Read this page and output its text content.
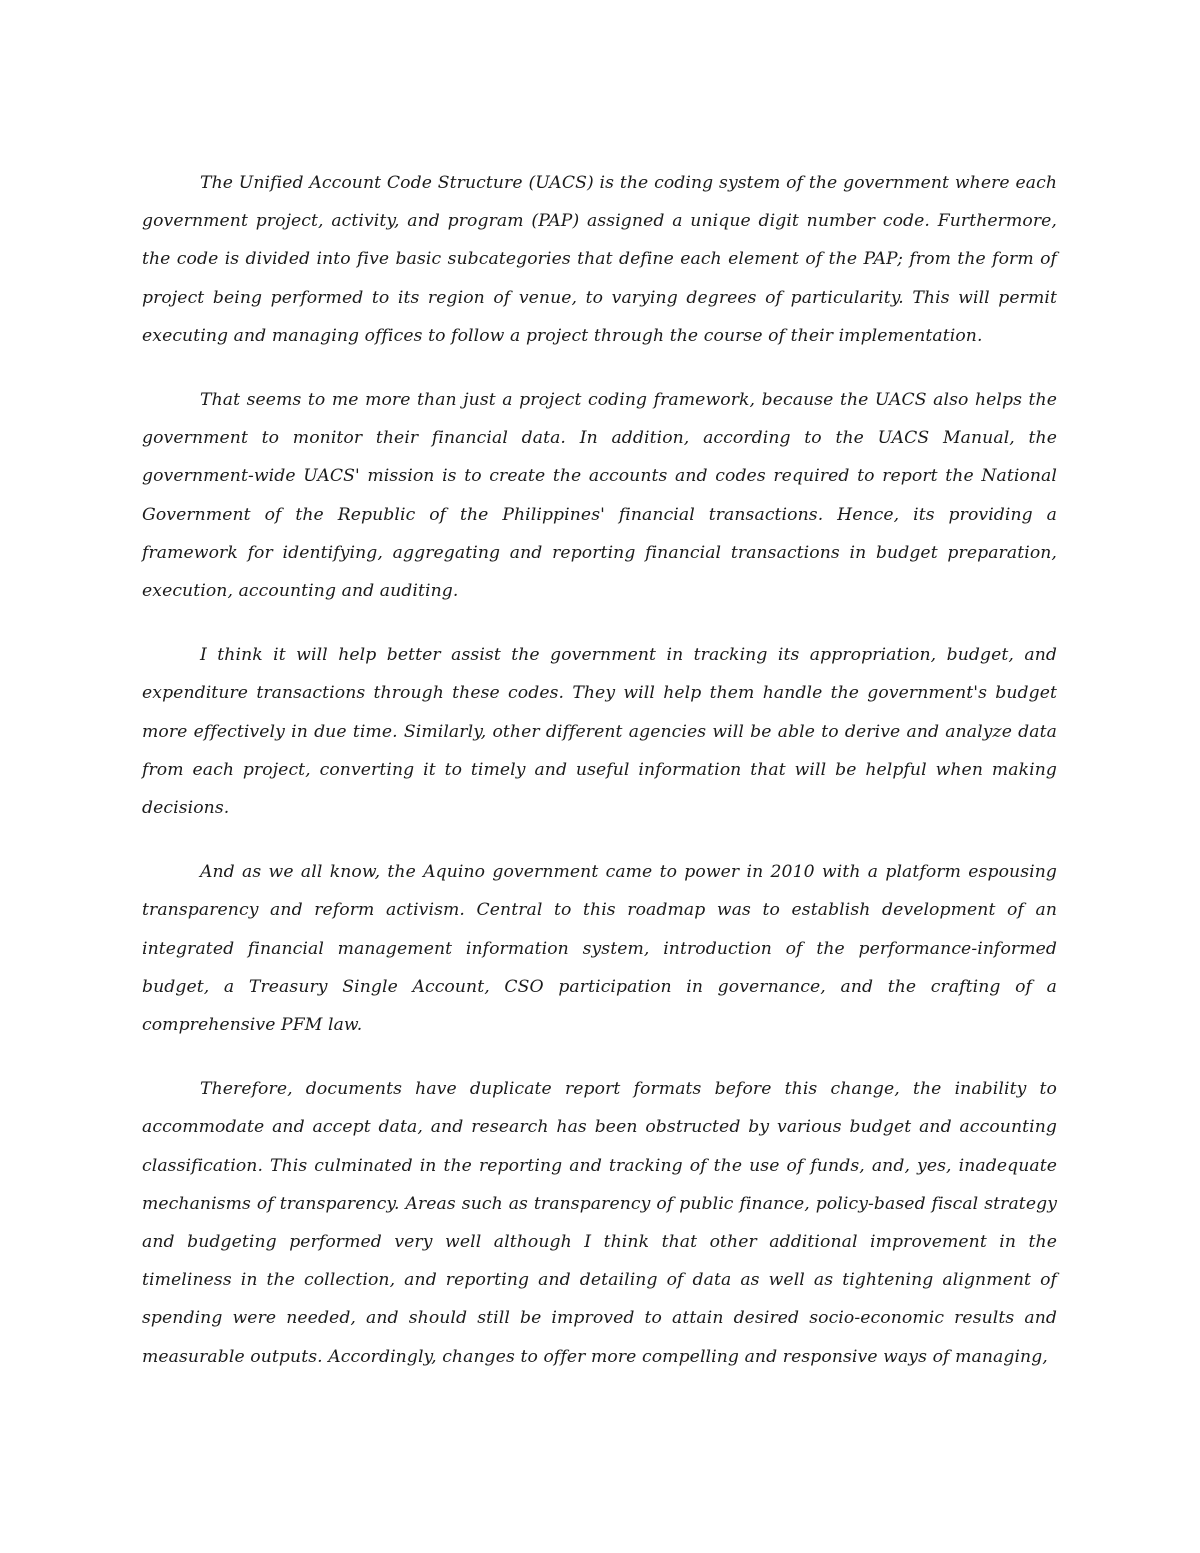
The Unified Account Code Structure (UACS) is the coding system of the government where each government project, activity, and program (PAP) assigned a unique digit number code. Furthermore, the code is divided into five basic subcategories that define each element of the PAP; from the form of project being performed to its region of venue, to varying degrees of particularity. This will permit executing and managing offices to follow a project through the course of their implementation.

That seems to me more than just a project coding framework, because the UACS also helps the government to monitor their financial data. In addition, according to the UACS Manual, the government-wide UACS' mission is to create the accounts and codes required to report the National Government of the Republic of the Philippines' financial transactions. Hence, its providing a framework for identifying, aggregating and reporting financial transactions in budget preparation, execution, accounting and auditing.

I think it will help better assist the government in tracking its appropriation, budget, and expenditure transactions through these codes. They will help them handle the government's budget more effectively in due time. Similarly, other different agencies will be able to derive and analyze data from each project, converting it to timely and useful information that will be helpful when making decisions.

And as we all know, the Aquino government came to power in 2010 with a platform espousing transparency and reform activism. Central to this roadmap was to establish development of an integrated financial management information system, introduction of the performance-informed budget, a Treasury Single Account, CSO participation in governance, and the crafting of a comprehensive PFM law.

Therefore, documents have duplicate report formats before this change, the inability to accommodate and accept data, and research has been obstructed by various budget and accounting classification. This culminated in the reporting and tracking of the use of funds, and, yes, inadequate mechanisms of transparency. Areas such as transparency of public finance, policy-based fiscal strategy and budgeting performed very well although I think that other additional improvement in the timeliness in the collection, and reporting and detailing of data as well as tightening alignment of spending were needed, and should still be improved to attain desired socio-economic results and measurable outputs. Accordingly, changes to offer more compelling and responsive ways of managing,
